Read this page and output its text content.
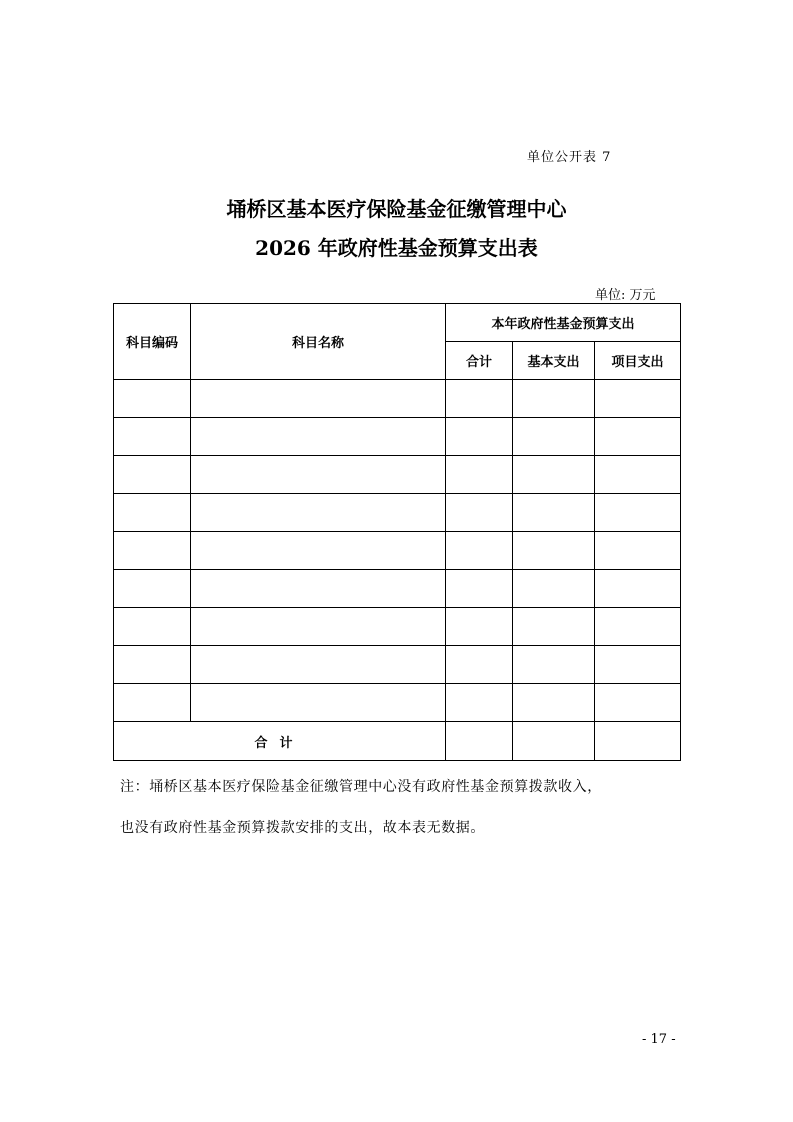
单位公开表 7
埇桥区基本医疗保险基金征缴管理中心
2026 年政府性基金预算支出表
单位: 万元
科目编码	科目名称	本年政府性基金预算支出		
		合计	基本支出	项目支出

合计				
注：埇桥区基本医疗保险基金征缴管理中心没有政府性基金预算拨款收入，
也没有政府性基金预算拨款安排的支出，故本表无数据。
- 17 -
